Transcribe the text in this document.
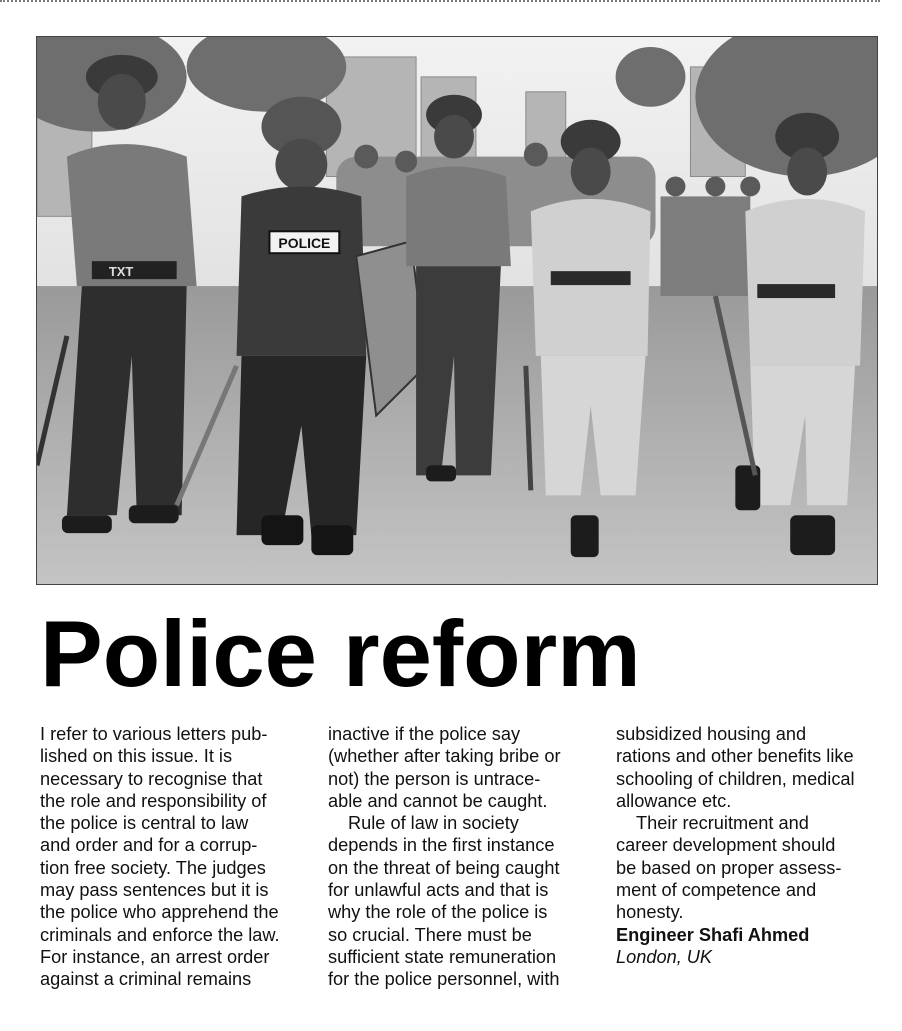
TXT
POLICE
Police reform
I refer to various letters pub-
lished on this issue. It is
necessary to recognise that
the role and responsibility of
the police is central to law
and order and for a corrup-
tion free society. The judges
may pass sentences but it is
the police who apprehend the
criminals and enforce the law.
For instance, an arrest order
against a criminal remains
inactive if the police say
(whether after taking bribe or
not) the person is untrace-
able and cannot be caught.
Rule of law in society
depends in the first instance
on the threat of being caught
for unlawful acts and that is
why the role of the police is
so crucial. There must be
sufficient state remuneration
for the police personnel, with
subsidized housing and
rations and other benefits like
schooling of children, medical
allowance etc.
Their recruitment and
career development should
be based on proper assess-
ment of competence and
honesty.
Engineer Shafi Ahmed
London, UK
